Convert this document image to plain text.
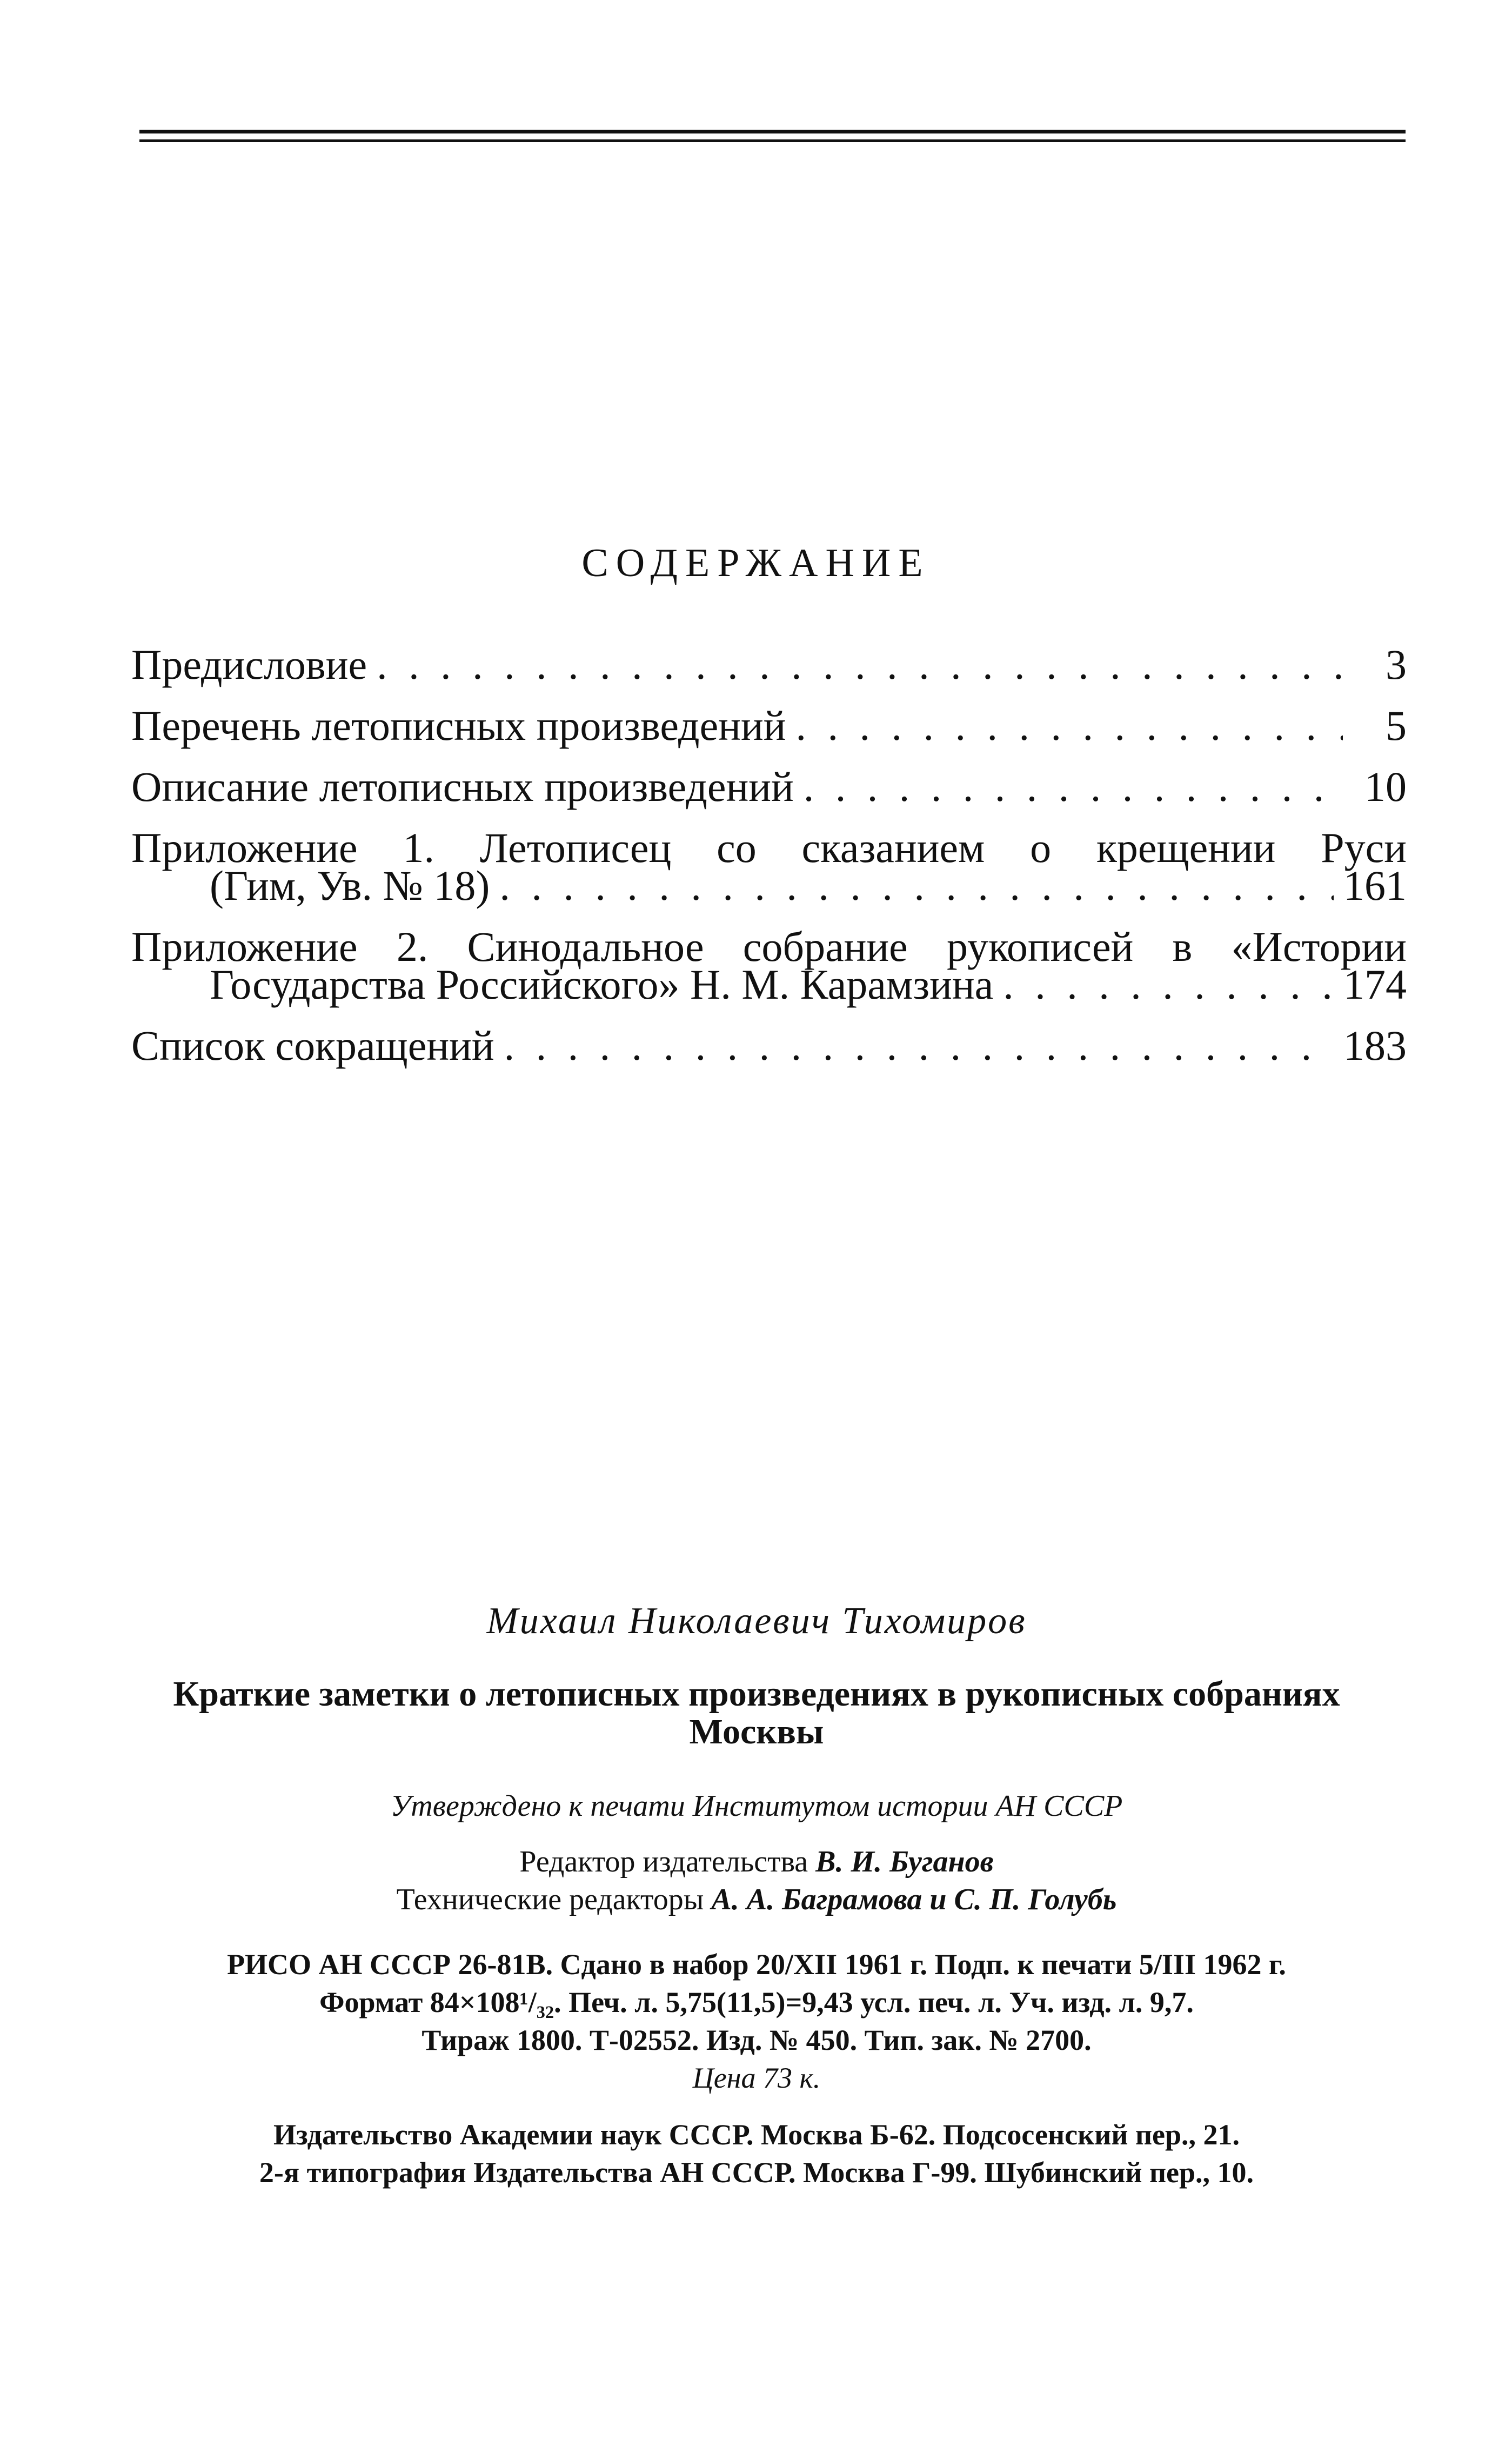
СОДЕРЖАНИЕ
Предисловие . . .	3
Перечень летописных произведений . . .	5
Описание летописных произведений . . .	10
Приложение 1. Летописец со сказанием о крещении Руси
(Гим, Ув. № 18) . . .	161
Приложение 2. Синодальное собрание рукописей в «Истории
Государства Российского» Н. М. Карамзина . . .	174
Список сокращений . . .	183
Михаил Николаевич Тихомиров
Краткие заметки о летописных произведениях в рукописных собраниях Москвы
Утверждено к печати Институтом истории АН СССР
Редактор издательства В. И. Буганов
Технические редакторы А. А. Баграмова и С. П. Голубь
РИСО АН СССР 26-81В. Сдано в набор 20/XII 1961 г. Подп. к печати 5/III 1962 г.
Формат 84×108¹/₃₂. Печ. л. 5,75(11,5)=9,43 усл. печ. л. Уч. изд. л. 9,7.
Тираж 1800. Т-02552. Изд. № 450. Тип. зак. № 2700.
Цена 73 к.
Издательство Академии наук СССР. Москва Б-62. Подсосенский пер., 21.
2-я типография Издательства АН СССР. Москва Г-99. Шубинский пер., 10.
